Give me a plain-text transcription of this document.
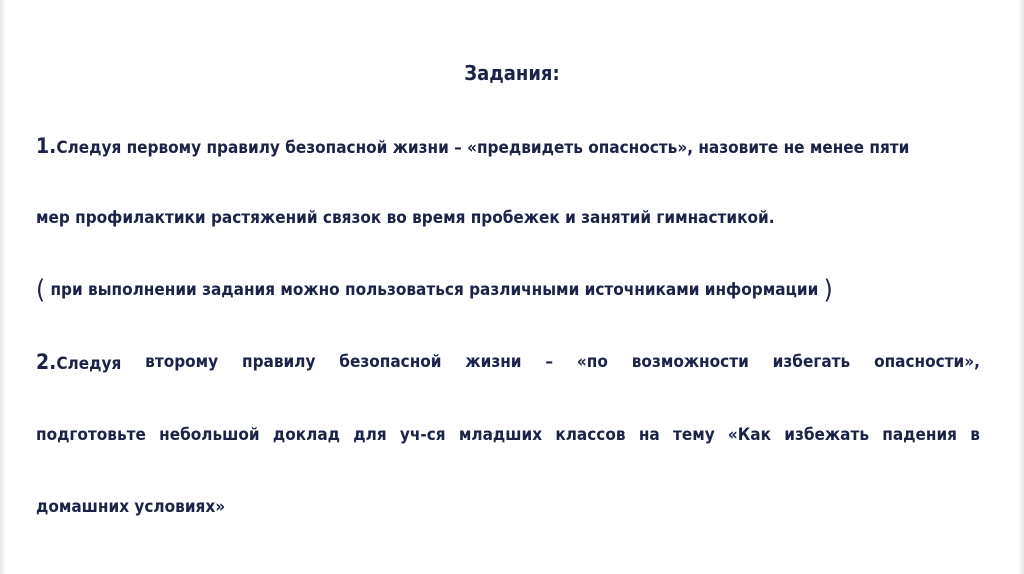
Задания:

1.Следуя первому правилу безопасной жизни – «предвидеть опасность», назовите не менее пяти

мер профилактики растяжений связок во время пробежек и занятий гимнастикой.

( при выполнении задания можно пользоваться различными источниками информации )

2.Следуя второму правилу безопасной жизни – «по возможности избегать опасности»,

подготовьте небольшой доклад для уч-ся младших классов на тему «Как избежать падения в

домашних условиях»
